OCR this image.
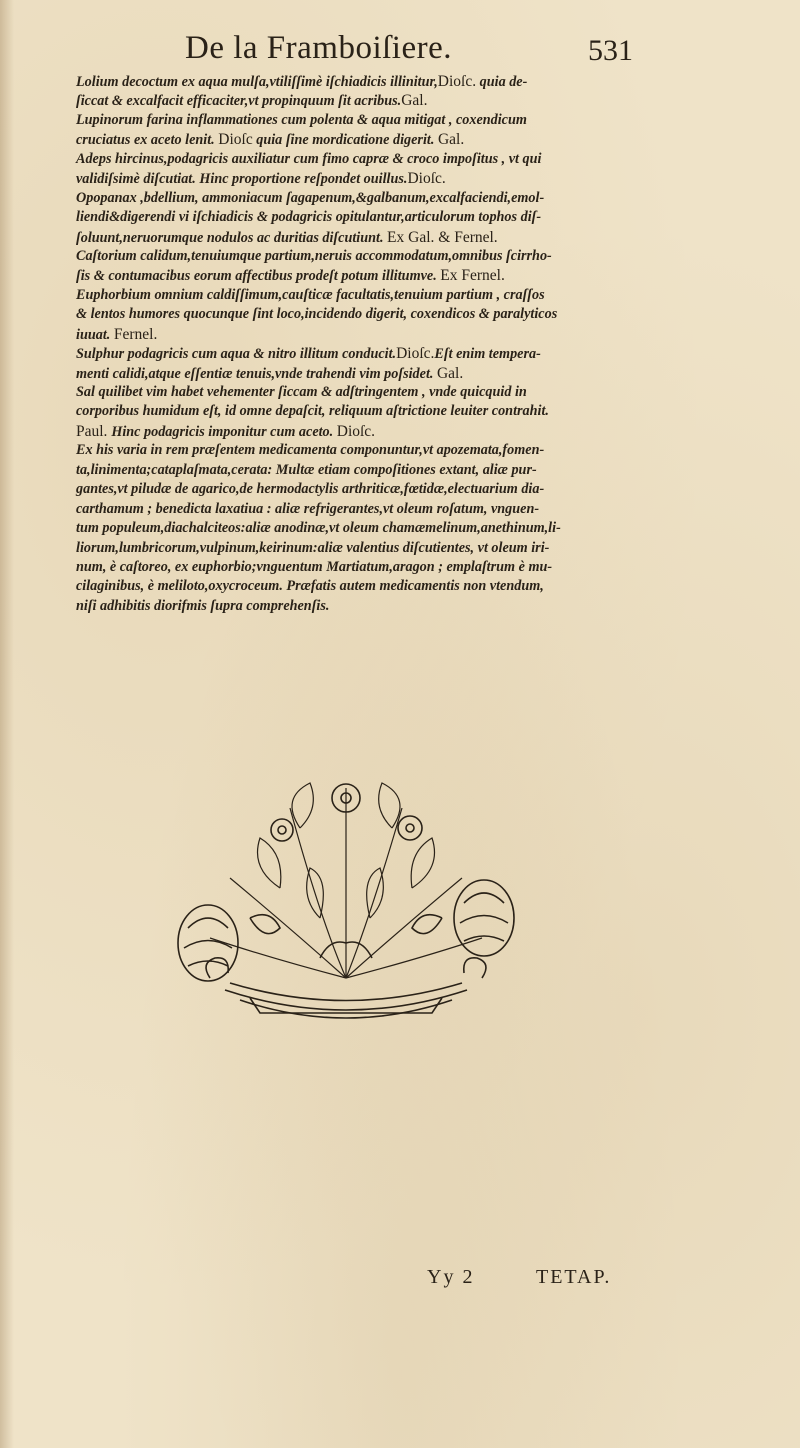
De la Framboiſiere.	531
Lolium decoctum ex aqua mulſa,vtiliſſimè iſchiadicis illinitur,Dioſc. quia de-
ſiccat & excalfacit efficaciter,vt propinquum ſit acribus.Gal.
Lupinorum farina inflammationes cum polenta & aqua mitigat , coxendicum
cruciatus ex aceto lenit. Dioſc quia ſine mordicatione digerit. Gal.
Adeps hircinus,podagricis auxiliatur cum fimo capræ & croco impoſitus , vt qui
validiſsimè diſcutiat. Hinc proportione reſpondet ouillus.Dioſc.
Opopanax ,bdellium, ammoniacum ſagapenum,&galbanum,excalfaciendi,emol-
liendi&digerendi vi iſchiadicis & podagricis opitulantur,articulorum tophos diſ-
ſoluunt,neruorumque nodulos ac duritias diſcutiunt. Ex Gal. & Fernel.
Caſtorium calidum,tenuiumque partium,neruis accommodatum,omnibus ſcirrho-
ſis & contumacibus eorum affectibus prodeſt potum illitumve. Ex Fernel.
Euphorbium omnium caldiſſimum,cauſticæ facultatis,tenuium partium , craſſos
& lentos humores quocunque ſint loco,incidendo digerit, coxendicos & paralyticos
iuuat. Fernel.
Sulphur podagricis cum aqua & nitro illitum conducit.Dioſc.Eſt enim tempera-
menti calidi,atque eſſentiæ tenuis,vnde trahendi vim poſsidet. Gal.
Sal quilibet vim habet vehementer ſiccam & adſtringentem , vnde quicquid in
corporibus humidum eſt, id omne depaſcit, reliquum aſtrictione leuiter contrahit.
Paul. Hinc podagricis imponitur cum aceto. Dioſc.
Ex his varia in rem præſentem medicamenta componuntur,vt apozemata,fomen-
ta,linimenta;cataplaſmata,cerata: Multæ etiam compoſitiones extant, aliæ pur-
gantes,vt piludæ de agarico,de hermodactylis arthriticæ,fœtidæ,electuarium dia-
carthamum ; benedicta laxatiua : aliæ refrigerantes,vt oleum roſatum, vnguen-
tum populeum,diachalciteos:aliæ anodinæ,vt oleum chamæmelinum,anethinum,li-
liorum,lumbricorum,vulpinum,keirinum:aliæ valentius diſcutientes, vt oleum iri-
num, è caſtoreo, ex euphorbio;vnguentum Martiatum,aragon ; emplaſtrum è mu-
cilaginibus, è meliloto,oxycroceum. Præfatis autem medicamentis non vtendum,
niſi adhibitis diorifmis ſupra comprehenſis.
Yy 2	TETAP.
